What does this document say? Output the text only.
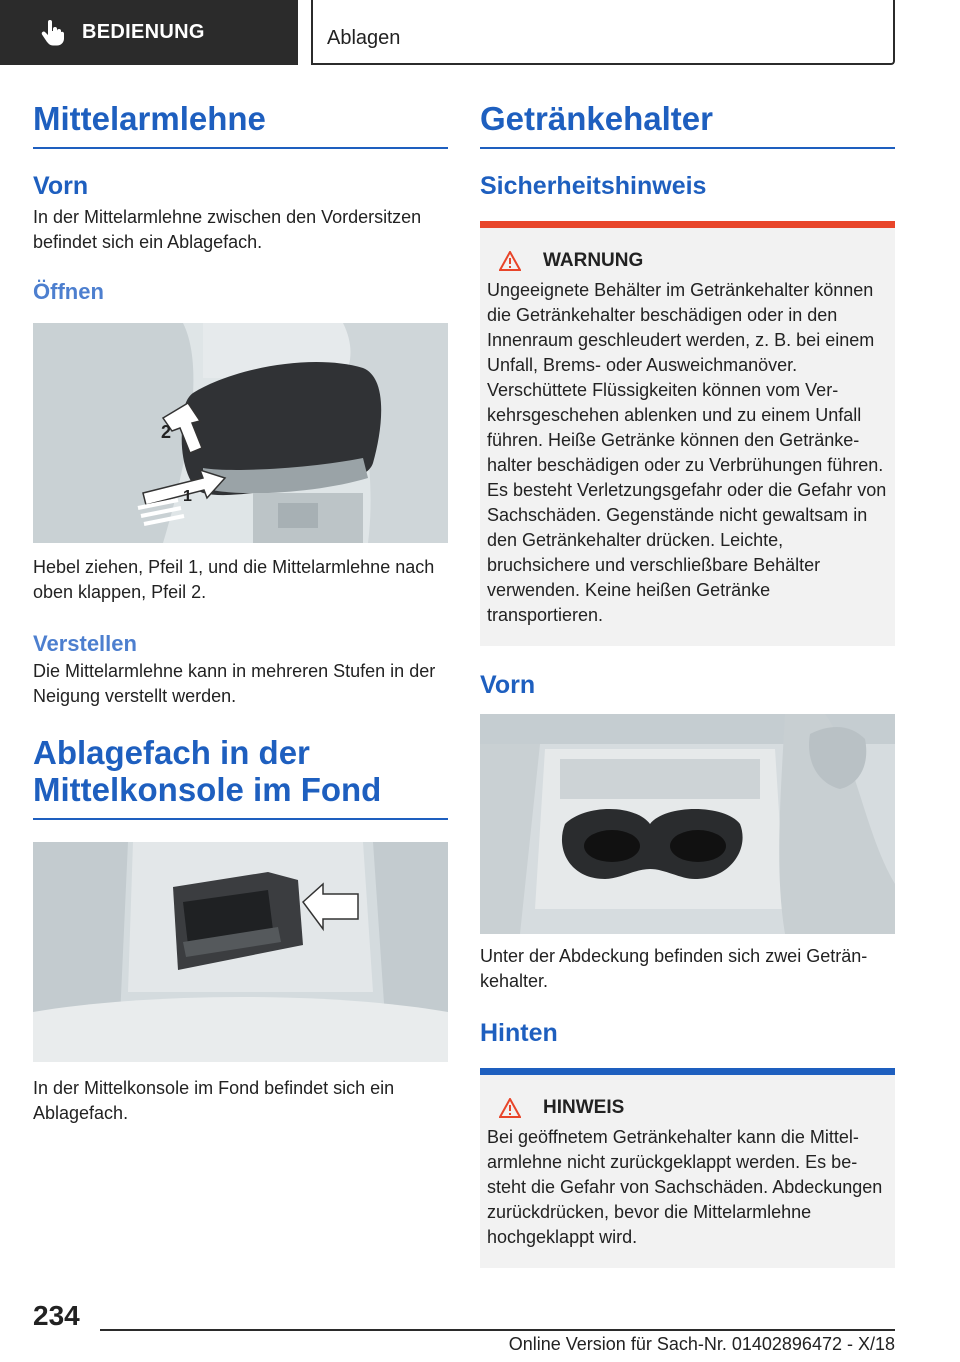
BEDIENUNG	Ablagen
Mittelarmlehne
Vorn

In der Mittelarmlehne zwischen den Vordersitzen befindet sich ein Ablagefach.

Öffnen
2
1

Hebel ziehen, Pfeil 1, und die Mittelarmlehne nach oben klappen, Pfeil 2.

Verstellen

Die Mittelarmlehne kann in mehreren Stufen in der Neigung verstellt werden.

Ablagefach in der Mittelkonsole im Fond

In der Mittelkonsole im Fond befindet sich ein Ablagefach.

Getränkehalter
Sicherheitshinweis
WARNUNG

Ungeeignete Behälter im Getränkehalter können die Getränkehalter beschädigen oder in den Innenraum geschleudert werden, z. B. bei einem Unfall, Brems- oder Ausweichmanöver. Verschüttete Flüssigkeiten können vom Verkehrsgeschehen ablenken und zu einem Unfall führen. Heiße Getränke können den Getränkehalter beschädigen oder zu Verbrühungen führen. Es besteht Verletzungsgefahr oder die Gefahr von Sachschäden. Gegenstände nicht gewaltsam in den Getränkehalter drücken. Leichte, bruchsichere und verschließbare Behälter verwenden. Keine heißen Getränke transportieren.

Vorn

Unter der Abdeckung befinden sich zwei Getränkehalter.

Hinten
HINWEIS

Bei geöffnetem Getränkehalter kann die Mittelarmlehne nicht zurückgeklappt werden. Es besteht die Gefahr von Sachschäden. Abdeckungen zurückdrücken, bevor die Mittelarmlehne hochgeklappt wird.

234
Online Version für Sach-Nr. 01402896472 - X/18
